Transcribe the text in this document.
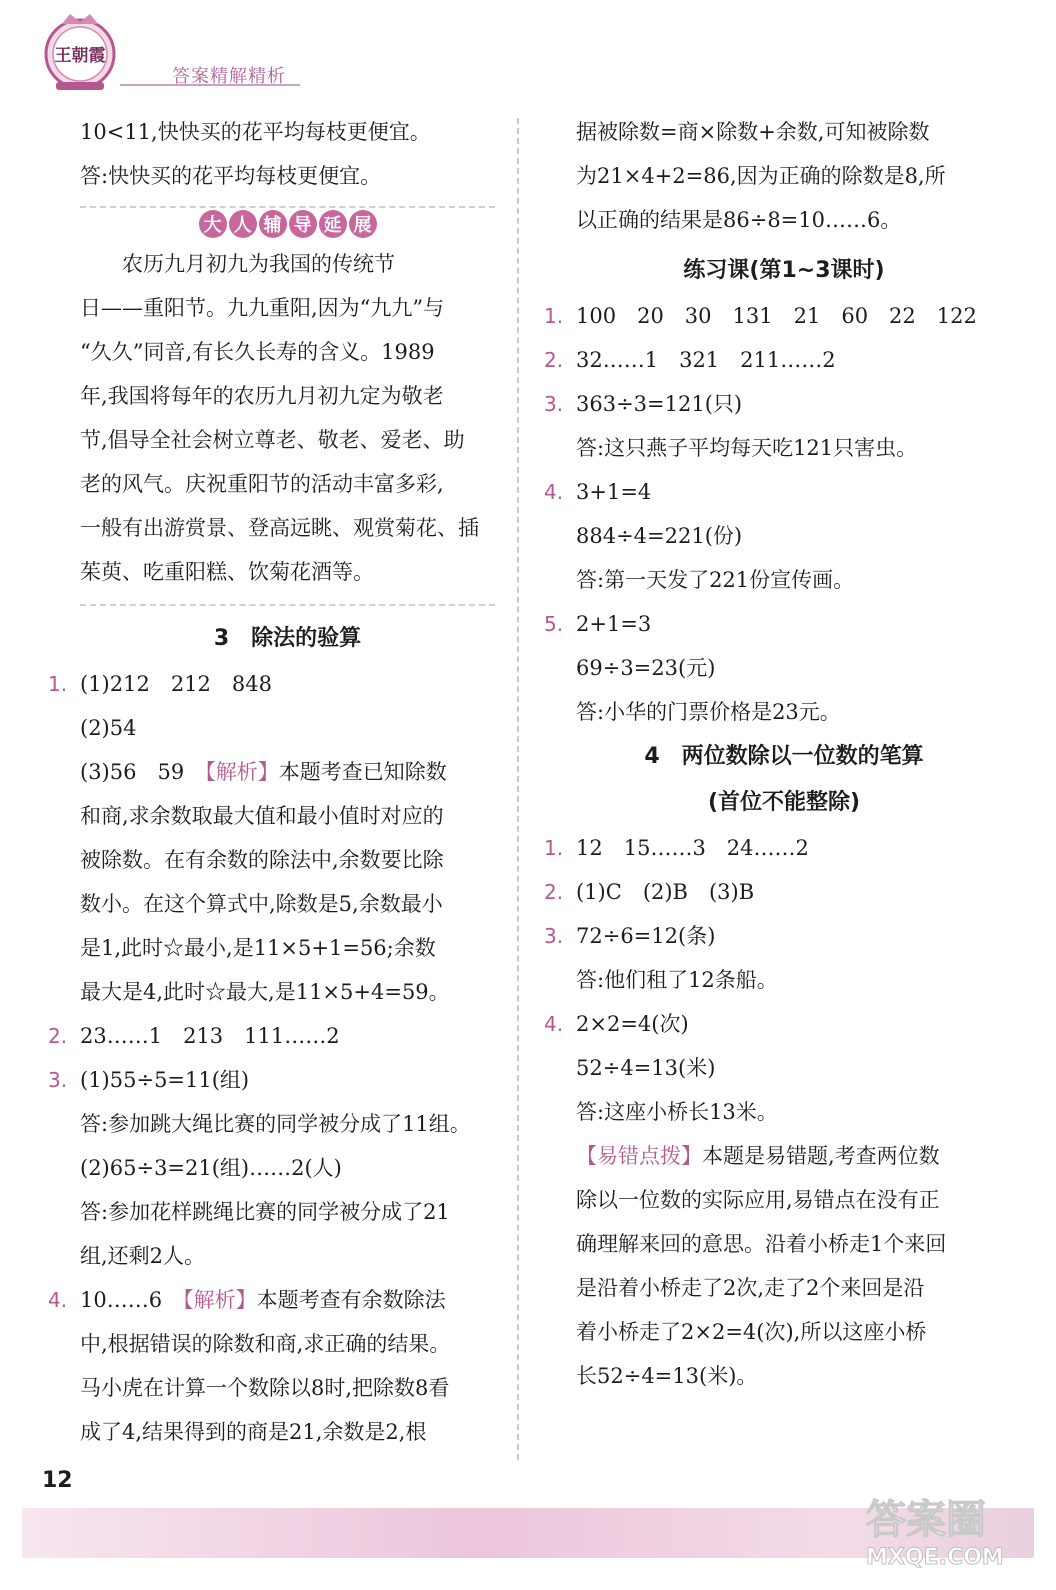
王朝霞
答案精解精析
10<11,快快买的花平均每枝更便宜。
答:快快买的花平均每枝更便宜。
大 人 辅 导 延 展
农历九月初九为我国的传统节
日——重阳节。九九重阳,因为“九九”与
“久久”同音,有长久长寿的含义。1989
年,我国将每年的农历九月初九定为敬老
节,倡导全社会树立尊老、敬老、爱老、助
老的风气。庆祝重阳节的活动丰富多彩,
一般有出游赏景、登高远眺、观赏菊花、插
茱萸、吃重阳糕、饮菊花酒等。
3　除法的验算
1. (1)212　212　848
(2)54
(3)56　59　【解析】本题考查已知除数
和商,求余数取最大值和最小值时对应的
被除数。在有余数的除法中,余数要比除
数小。在这个算式中,除数是5,余数最小
是1,此时☆最小,是11×5+1=56;余数
最大是4,此时☆最大,是11×5+4=59。
2. 23……1　213　111……2
3. (1)55÷5=11(组)
答:参加跳大绳比赛的同学被分成了11组。
(2)65÷3=21(组)……2(人)
答:参加花样跳绳比赛的同学被分成了21
组,还剩2人。
4. 10……6　【解析】本题考查有余数除法
中,根据错误的除数和商,求正确的结果。
马小虎在计算一个数除以8时,把除数8看
成了4,结果得到的商是21,余数是2,根
据被除数=商×除数+余数,可知被除数
为21×4+2=86,因为正确的除数是8,所
以正确的结果是86÷8=10……6。
练习课(第1~3课时)
1. 100　20　30　131　21　60　22　122
2. 32……1　321　211……2
3. 363÷3=121(只)
答:这只燕子平均每天吃121只害虫。
4. 3+1=4
884÷4=221(份)
答:第一天发了221份宣传画。
5. 2+1=3
69÷3=23(元)
答:小华的门票价格是23元。
4　两位数除以一位数的笔算
(首位不能整除)
1. 12　15……3　24……2
2. (1)C　(2)B　(3)B
3. 72÷6=12(条)
答:他们租了12条船。
4. 2×2=4(次)
52÷4=13(米)
答:这座小桥长13米。
【易错点拨】本题是易错题,考查两位数
除以一位数的实际应用,易错点在没有正
确理解来回的意思。沿着小桥走1个来回
是沿着小桥走了2次,走了2个来回是沿
着小桥走了2×2=4(次),所以这座小桥
长52÷4=13(米)。
12
答案圈
MXQE.COM
